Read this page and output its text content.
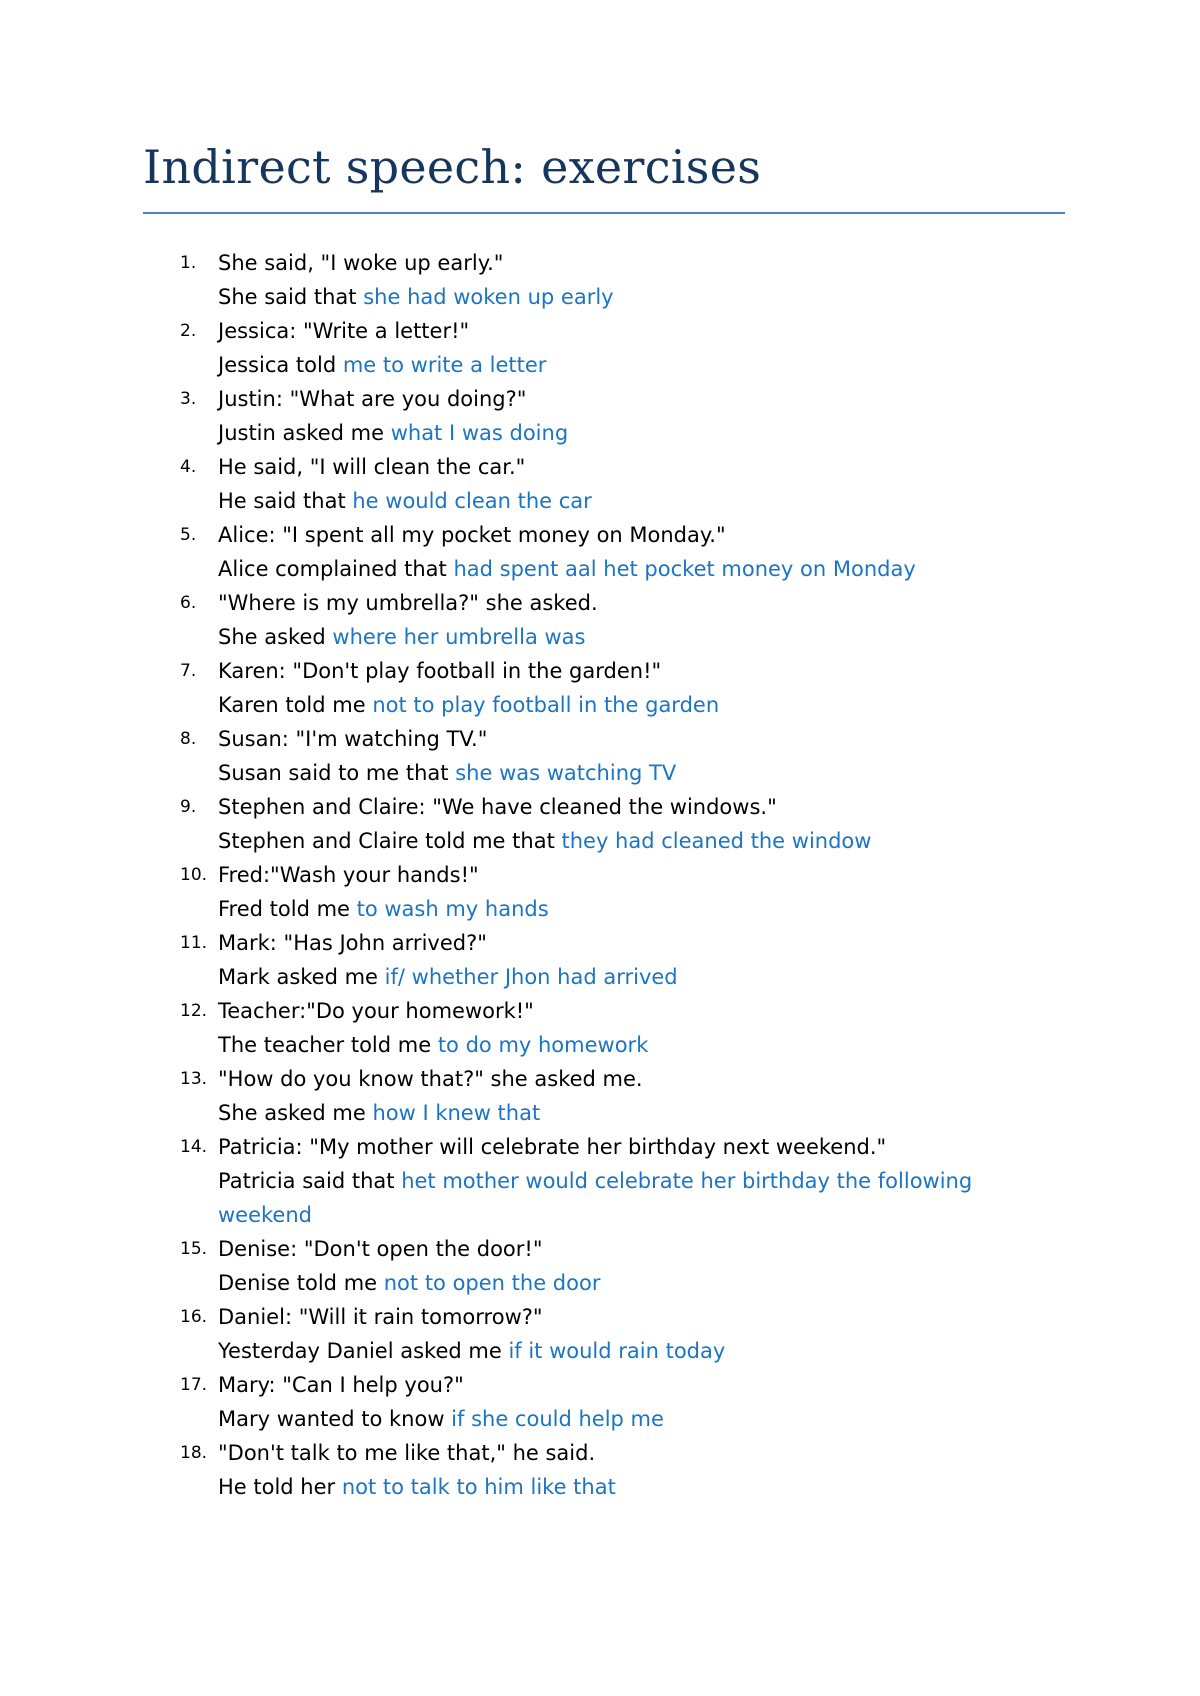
Indirect speech: exercises
1. She said, "I woke up early."
She said that she had woken up early
2. Jessica: "Write a letter!"
Jessica told me to write a letter
3. Justin: "What are you doing?"
Justin asked me what I was doing
4. He said, "I will clean the car."
He said that he would clean the car
5. Alice: "I spent all my pocket money on Monday."
Alice complained that had spent aal het pocket money on Monday
6. "Where is my umbrella?" she asked.
She asked where her umbrella was
7. Karen: "Don't play football in the garden!"
Karen told me not to play football in the garden
8. Susan: "I'm watching TV."
Susan said to me that she was watching TV
9. Stephen and Claire: "We have cleaned the windows."
Stephen and Claire told me that they had cleaned the window
10. Fred:"Wash your hands!"
Fred told me to wash my hands
11. Mark: "Has John arrived?"
Mark asked me if/ whether Jhon had arrived
12. Teacher:"Do your homework!"
The teacher told me to do my homework
13. "How do you know that?" she asked me.
She asked me how I knew that
14. Patricia: "My mother will celebrate her birthday next weekend."
Patricia said that het mother would celebrate her birthday the following weekend
15. Denise: "Don't open the door!"
Denise told me not to open the door
16. Daniel: "Will it rain tomorrow?"
Yesterday Daniel asked me if it would rain today
17. Mary: "Can I help you?"
Mary wanted to know if she could help me
18. "Don't talk to me like that," he said.
He told her not to talk to him like that
